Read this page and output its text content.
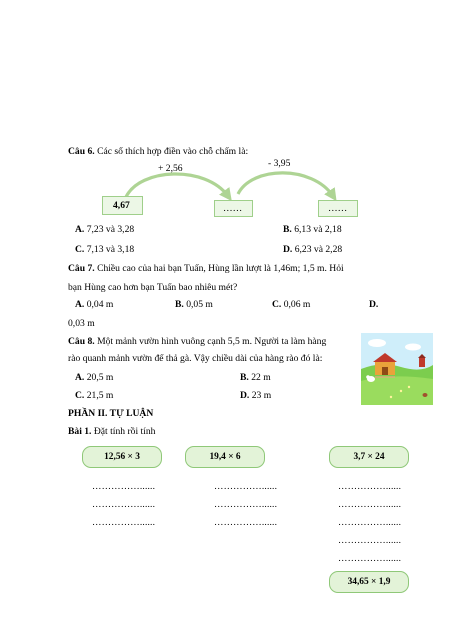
Câu 6. Các số thích hợp điền vào chỗ chấm là:
+ 2,56	- 3,95
4,67	……	……
A. 7,23 và 3,28	B. 6,13 và 2,18
C. 7,13 và 3,18	D. 6,23 và 2,28
Câu 7. Chiều cao của hai bạn Tuấn, Hùng lần lượt là 1,46m; 1,5 m. Hỏi
bạn Hùng cao hơn bạn Tuấn bao nhiêu mét?
A. 0,04 m	B. 0,05 m	C. 0,06 m	D.
0,03 m
Câu 8. Một mảnh vườn hình vuông cạnh 5,5 m. Người ta làm hàng
rào quanh mảnh vườn để thả gà. Vậy chiều dài của hàng rào đó là:
A. 20,5 m	B. 22 m
C. 21,5 m	D. 23 m
PHẦN II. TỰ LUẬN
Bài 1. Đặt tính rồi tính
12,56 × 3	19,4 × 6	3,7 × 24
……………......
……………......
……………......
……………......
……………......
……………......
……………......
……………......
……………......
……………......
……………......
34,65 × 1,9
